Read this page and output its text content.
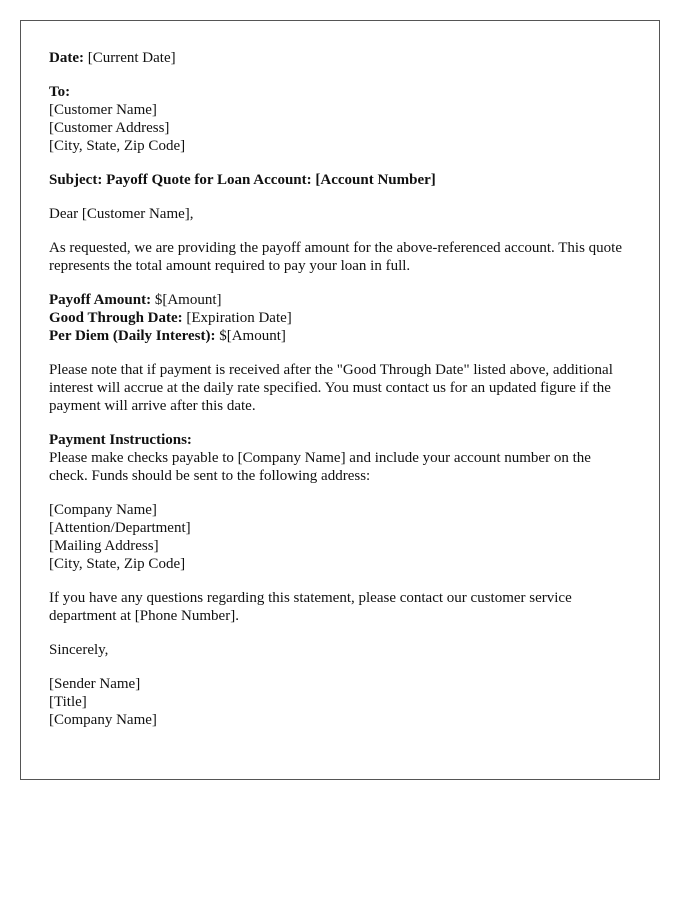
Date: [Current Date]
To:
[Customer Name]
[Customer Address]
[City, State, Zip Code]
Subject: Payoff Quote for Loan Account: [Account Number]
Dear [Customer Name],
As requested, we are providing the payoff amount for the above-referenced account. This quote represents the total amount required to pay your loan in full.
Payoff Amount: $[Amount]
Good Through Date: [Expiration Date]
Per Diem (Daily Interest): $[Amount]
Please note that if payment is received after the "Good Through Date" listed above, additional interest will accrue at the daily rate specified. You must contact us for an updated figure if the payment will arrive after this date.
Payment Instructions:
Please make checks payable to [Company Name] and include your account number on the check. Funds should be sent to the following address:
[Company Name]
[Attention/Department]
[Mailing Address]
[City, State, Zip Code]
If you have any questions regarding this statement, please contact our customer service department at [Phone Number].
Sincerely,
[Sender Name]
[Title]
[Company Name]
